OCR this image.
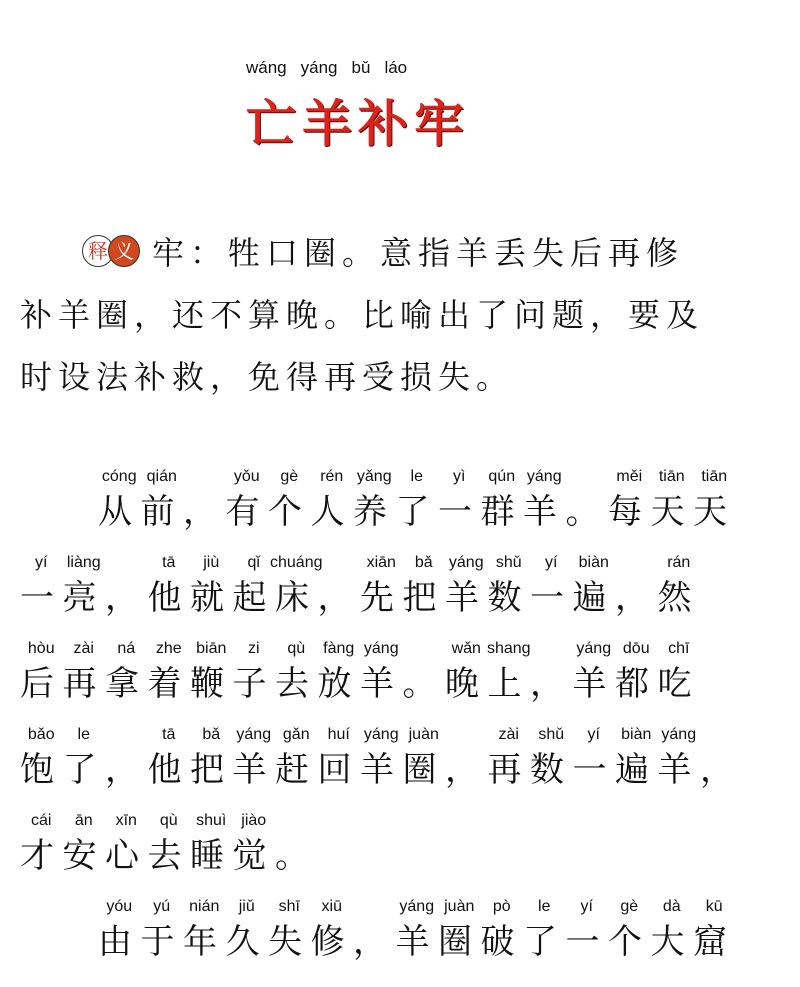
wáng yáng bǔ láo
亡羊补牢
释 义 牢：牲口圈。意指羊丢失后再修补羊圈，还不算晚。比喻出了问题，要及时设法补救，免得再受损失。
cóng qián	yǒu gè rén yǎng le yì qún yáng	měi tiān tiān
从前，有个人养了一群羊。每天天
yí liàng	tā jiù qǐ chuáng	xiān bǎ yáng shǔ yí biàn	rán
一亮，他就起床，先把羊数一遍，然
hòu zài ná zhe biān zi qù fàng yáng	wǎn shang	yáng dōu chī
后再拿着鞭子去放羊。晚上，羊都吃
bǎo le	tā bǎ yáng gǎn huí yáng juàn	zài shǔ yí biàn yáng
饱了，他把羊赶回羊圈，再数一遍羊，
cái ān xīn qù shuì jiào
才安心去睡觉。
yóu yú nián jiǔ shī xiū	yáng juàn pò le yí gè dà kū
由于年久失修，羊圈破了一个大窟
